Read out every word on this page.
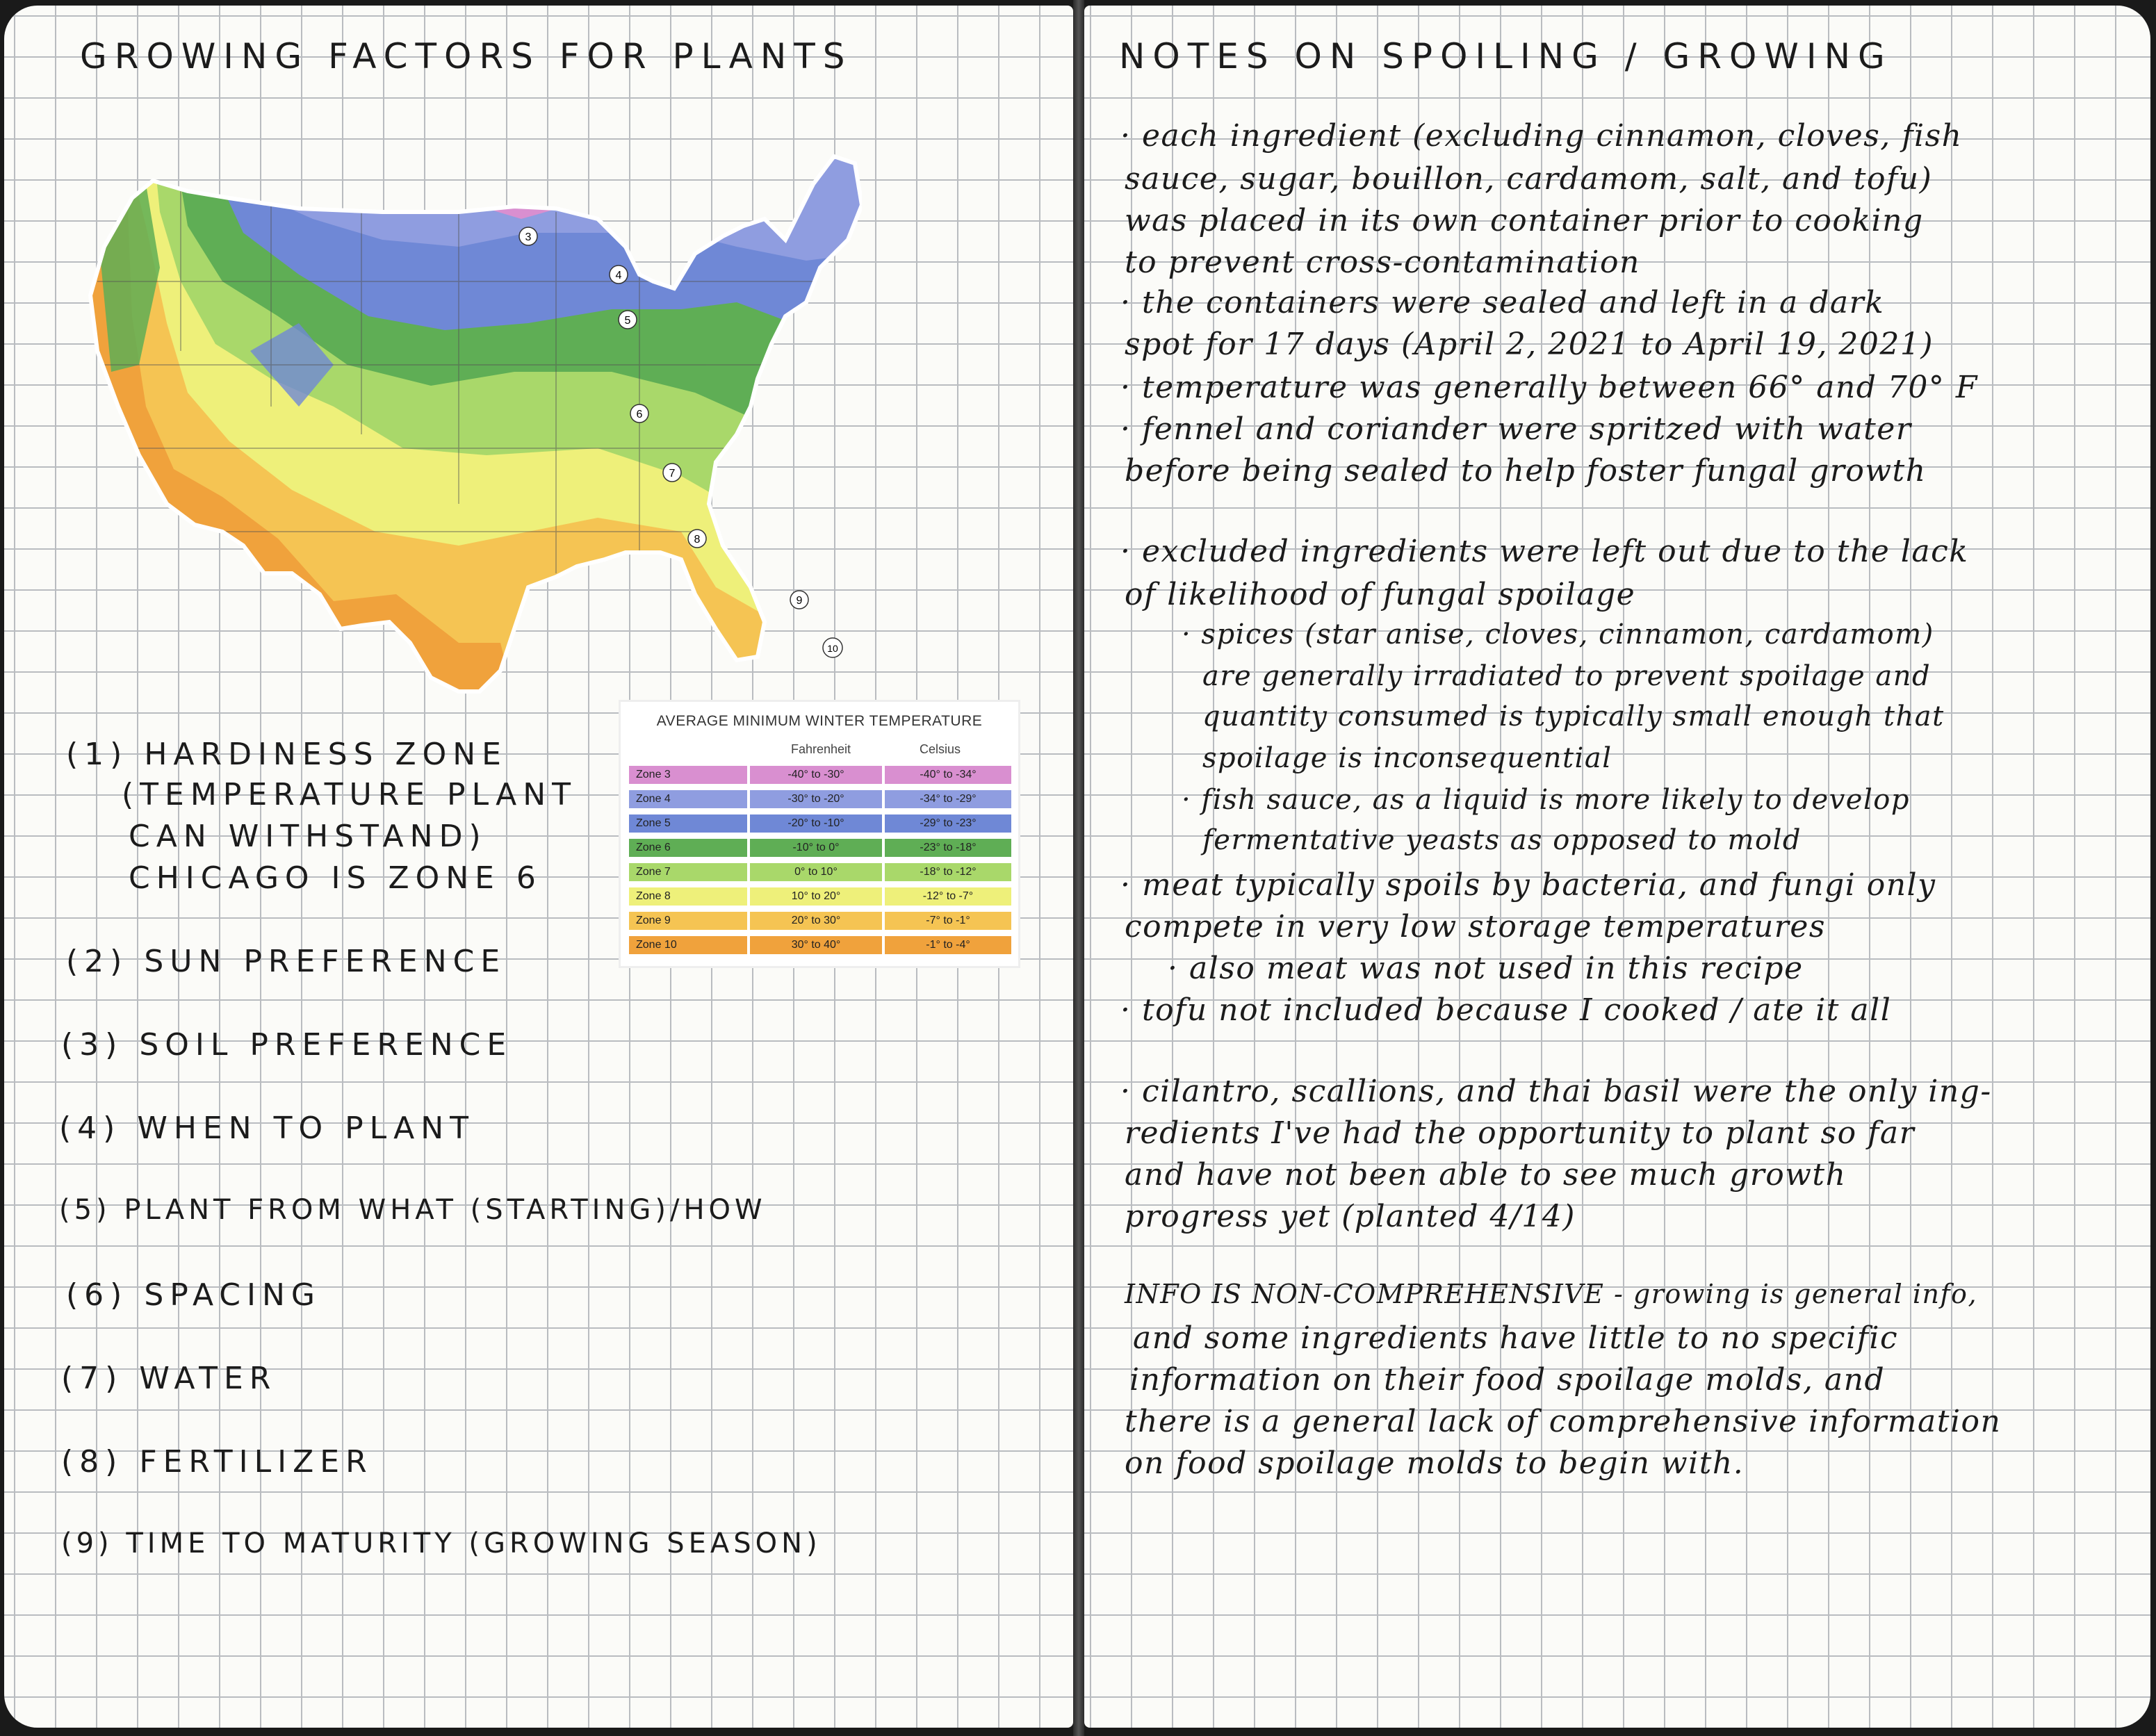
GROWING FACTORS FOR PLANTS
3
4
5
6
7
8
9
10
AVERAGE MINIMUM WINTER TEMPERATURE
Fahrenheit	Celsius
Zone 3	-40° to -30°	-40° to -34°
Zone 4	-30° to -20°	-34° to -29°
Zone 5	-20° to -10°	-29° to -23°
Zone 6	-10° to 0°	-23° to -18°
Zone 7	0° to 10°	-18° to -12°
Zone 8	10° to 20°	-12° to -7°
Zone 9	20° to 30°	-7° to -1°
Zone 10	30° to 40°	-1° to -4°
(1) HARDINESS ZONE
(TEMPERATURE PLANT
CAN WITHSTAND)
CHICAGO IS ZONE 6
(2) SUN PREFERENCE
(3) SOIL PREFERENCE
(4) WHEN TO PLANT
(5) PLANT FROM WHAT (STARTING)/HOW
(6) SPACING
(7) WATER
(8) FERTILIZER
(9) TIME TO MATURITY (GROWING SEASON)
NOTES ON SPOILING / GROWING
· each ingredient (excluding cinnamon, cloves, fish
sauce, sugar, bouillon, cardamom, salt, and tofu)
was placed in its own container prior to cooking
to prevent cross-contamination
· the containers were sealed and left in a dark
spot for 17 days (April 2, 2021 to April 19, 2021)
· temperature was generally between 66° and 70° F
· fennel and coriander were spritzed with water
before being sealed to help foster fungal growth
· excluded ingredients were left out due to the lack
of likelihood of fungal spoilage
· spices (star anise, cloves, cinnamon, cardamom)
are generally irradiated to prevent spoilage and
quantity consumed is typically small enough that
spoilage is inconsequential
· fish sauce, as a liquid is more likely to develop
fermentative yeasts as opposed to mold
· meat typically spoils by bacteria, and fungi only
compete in very low storage temperatures
· also meat was not used in this recipe
· tofu not included because I cooked / ate it all
· cilantro, scallions, and thai basil were the only ing-
redients I've had the opportunity to plant so far
and have not been able to see much growth
progress yet (planted 4/14)
INFO IS NON-COMPREHENSIVE - growing is general info,
and some ingredients have little to no specific
information on their food spoilage molds, and
there is a general lack of comprehensive information
on food spoilage molds to begin with.
